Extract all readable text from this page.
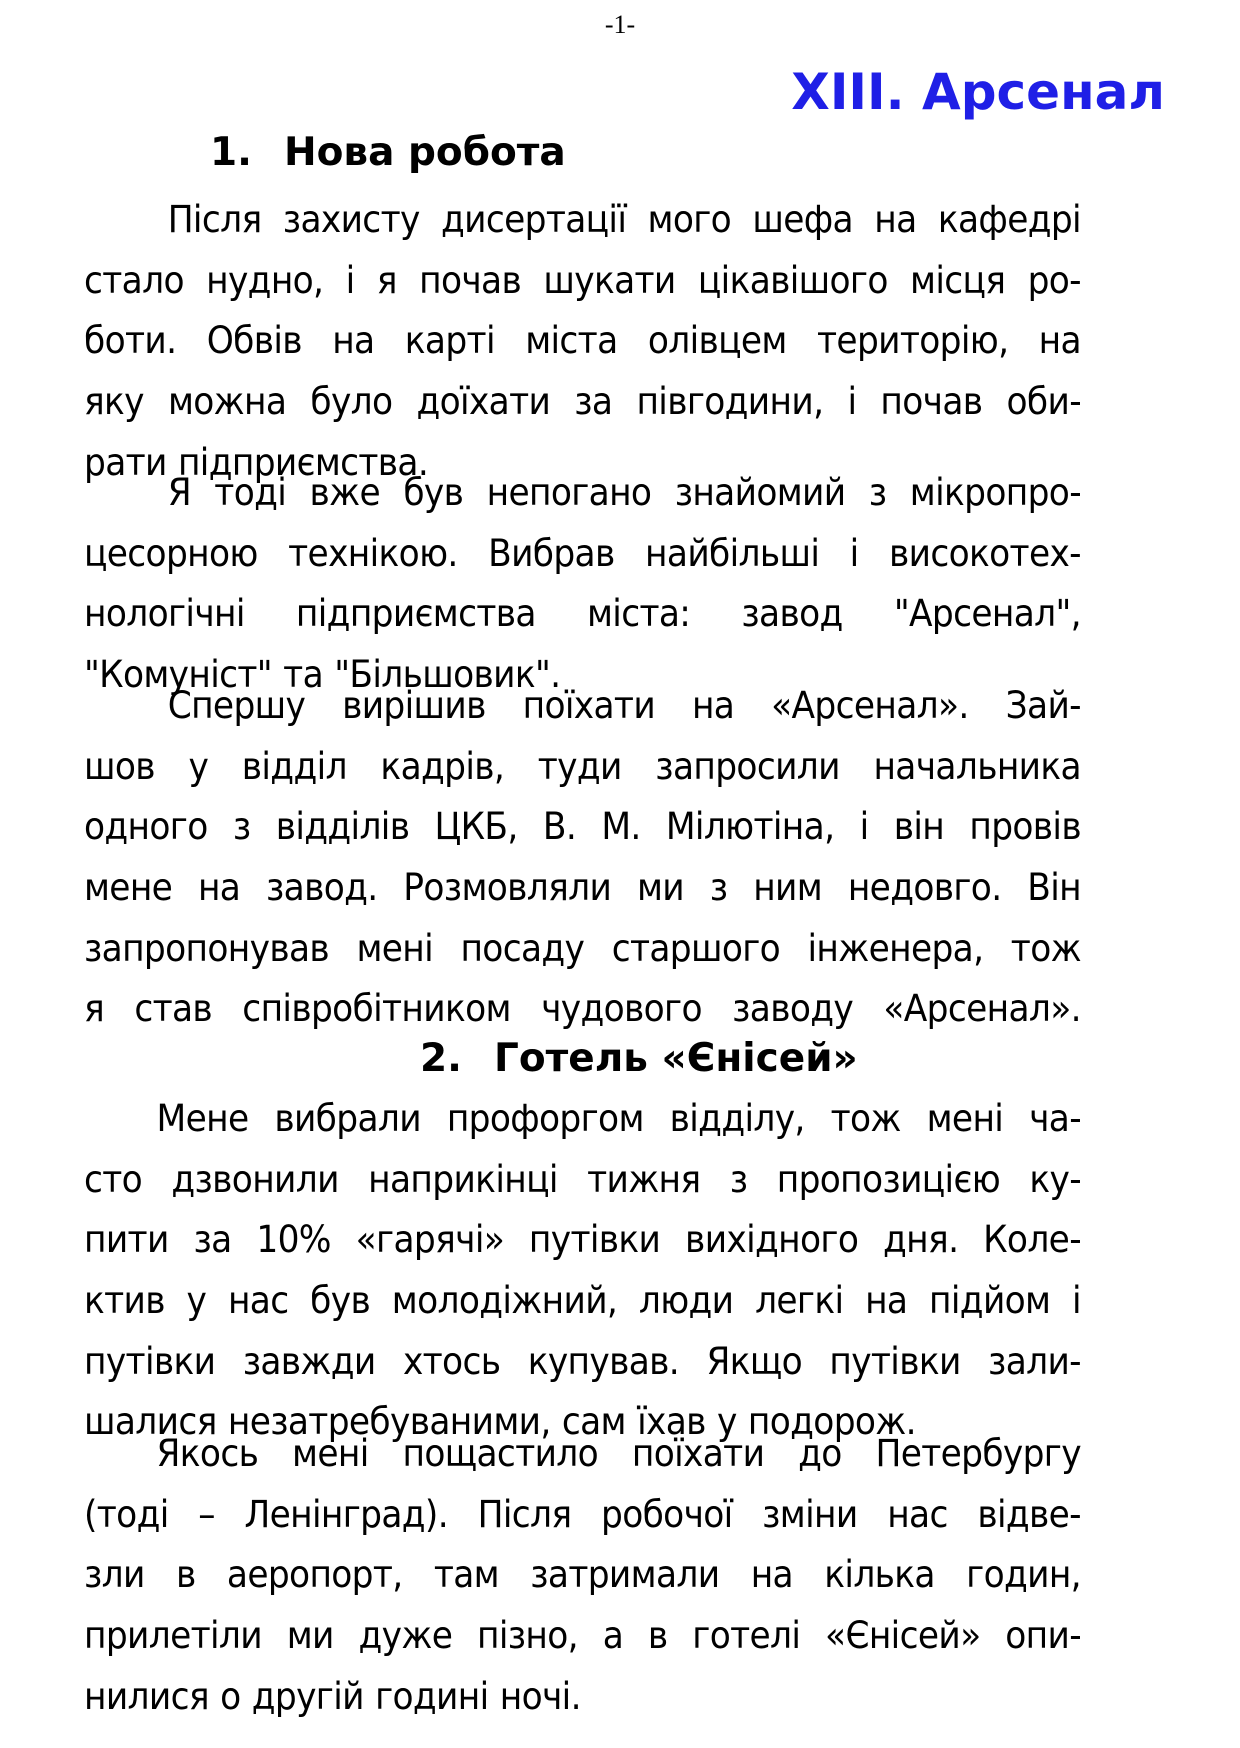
-1-
XIII. Арсенал
1. Нова робота
Після захисту дисертації мого шефа на кафедрі
стало нудно, і я почав шукати цікавішого місця ро-
боти. Обвів на карті міста олівцем територію, на
яку можна було доїхати за півгодини, і почав оби-
рати підприємства.
Я тоді вже був непогано знайомий з мікропро-
цесорною технікою. Вибрав найбільші і високотех-
нологічні підприємства міста: завод "Арсенал",
"Комуніст" та "Більшовик".
Спершу вирішив поїхати на «Арсенал». Зай-
шов у відділ кадрів, туди запросили начальника
одного з відділів ЦКБ, В. М. Мілютіна, і він провів
мене на завод. Розмовляли ми з ним недовго. Він
запропонував мені посаду старшого інженера, тож
я став співробітником чудового заводу «Арсенал».
2. Готель «Єнісей»
Мене вибрали профоргом відділу, тож мені ча-
сто дзвонили наприкінці тижня з пропозицією ку-
пити за 10% «гарячі» путівки вихідного дня. Коле-
ктив у нас був молодіжний, люди легкі на підйом і
путівки завжди хтось купував. Якщо путівки зали-
шалися незатребуваними, сам їхав у подорож.
Якось мені пощастило поїхати до Петербургу
(тоді – Ленінград). Після робочої зміни нас відве-
зли в аеропорт, там затримали на кілька годин,
прилетіли ми дуже пізно, а в готелі «Єнісей» опи-
нилися о другій годині ночі.
